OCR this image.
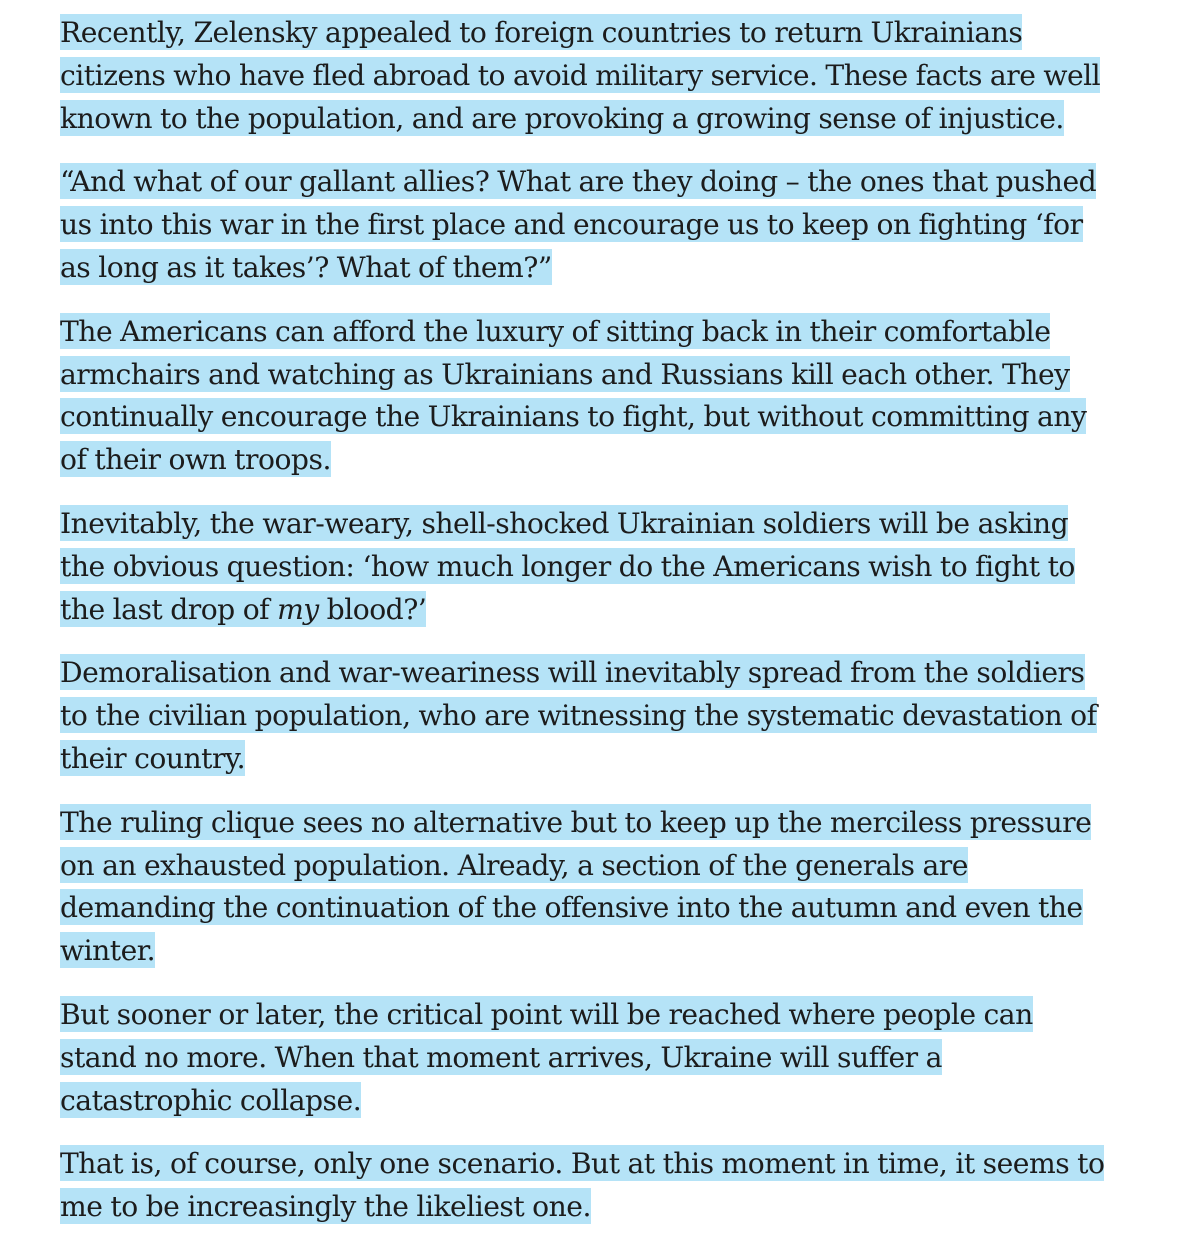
Recently, Zelensky appealed to foreign countries to return Ukrainians
citizens who have fled abroad to avoid military service. These facts are well
known to the population, and are provoking a growing sense of injustice.

“And what of our gallant allies? What are they doing – the ones that pushed
us into this war in the first place and encourage us to keep on fighting ‘for
as long as it takes’? What of them?”

The Americans can afford the luxury of sitting back in their comfortable
armchairs and watching as Ukrainians and Russians kill each other. They
continually encourage the Ukrainians to fight, but without committing any
of their own troops.

Inevitably, the war-weary, shell-shocked Ukrainian soldiers will be asking
the obvious question: ‘how much longer do the Americans wish to fight to
the last drop of my blood?’

Demoralisation and war-weariness will inevitably spread from the soldiers
to the civilian population, who are witnessing the systematic devastation of
their country.

The ruling clique sees no alternative but to keep up the merciless pressure
on an exhausted population. Already, a section of the generals are
demanding the continuation of the offensive into the autumn and even the
winter.

But sooner or later, the critical point will be reached where people can
stand no more. When that moment arrives, Ukraine will suffer a
catastrophic collapse.

That is, of course, only one scenario. But at this moment in time, it seems to
me to be increasingly the likeliest one.
